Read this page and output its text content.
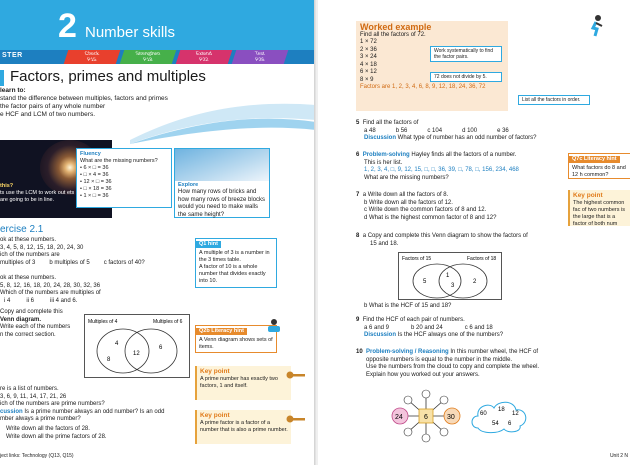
2 Number skills
STER	Check
P15
Strengthen
P18
Extend
P22
Test
P26
Factors, primes and multiples
learn to:
stand the difference between multiples, factors and primes
the factor pairs of any whole number
e HCF and LCM of two numbers.
this?
ts use the LCM to work out ets are going to be in line.
Fluency
What are the missing numbers?
• 6 × □ = 36
• □ × 4 = 36
• 12 × □ = 36
• □ × 18 = 36
• 1 × □ = 36
Explore
How many rows of bricks and how many rows of breeze blocks would you need to make walls the same height?
ercise 2.1
ok at these numbers.
3, 4, 5, 8, 12, 15, 18, 20, 24, 30
ich of the numbers are
multiples of 3 b multiples of 5 c factors of 40?
ok at these numbers.
5, 8, 12, 16, 18, 20, 24, 28, 30, 32, 36
Which of the numbers are multiples of
i 4	ii 6	iii 4 and 6.
Copy and complete this
Venn diagram.
Write each of the numbers
n the correct section.
Multiples of 4	Multiples of 6
4
8
12
6
re is a list of numbers.
3, 6, 9, 11, 14, 17, 21, 26
ich of the numbers are prime numbers?
cussion Is a prime number always an odd number? Is an odd
mber always a prime number?
Write down all the factors of 28.
Write down all the prime factors of 28.
Q1 hint
A multiple of 3 is a number in the 3 times table.
A factor of 10 is a whole number that divides exactly into 10.
Q2b Literacy hint
A Venn diagram shows sets of items.
Key point
A prime number has exactly two factors, 1 and itself.
Key point
A prime factor is a factor of a number that is also a prime number.
ject links: Technology (Q13, Q15)
Worked example
Find all the factors of 72.
1 × 72
2 × 36
3 × 24
4 × 18
6 × 12
8 × 9
Factors are 1, 2, 3, 4, 6, 8, 9, 12, 18, 24, 36, 72
Work systematically to find the factor pairs.
72 does not divide by 5.
List all the factors in order.
5 Find all the factors of
a 48	b 56	c 104	d 100	e 36
Discussion What type of number has an odd number of factors?
6 Problem-solving Hayley finds all the factors of a number.
This is her list.
1, 2, 3, 4, □, 9, 12, 15, □, □, 36, 39, □, 78, □, 156, 234, 468
What are the missing numbers?
7 a Write down all the factors of 8.
b Write down all the factors of 12.
c Write down the common factors of 8 and 12.
d What is the highest common factor of 8 and 12?
8 a Copy and complete this Venn diagram to show the factors of
15 and 18.
Factors of 15	Factors of 18
5
1
3
2
b What is the HCF of 15 and 18?
9 Find the HCF of each pair of numbers.
a 6 and 9	b 20 and 24	c 6 and 18
Discussion Is the HCF always one of the numbers?
10 Problem-solving / Reasoning In this number wheel, the HCF of
opposite numbers is equal to the number in the middle.
Use the numbers from the cloud to copy and complete the wheel.
Explain how you worked out your answers.
24	30
6	60
18
12
54 6
Q7c Literacy hint
What factors do 8 and 12 h common?
Key point
The highest common fac of two numbers is the large that is a factor of both num
Unit 2 N
